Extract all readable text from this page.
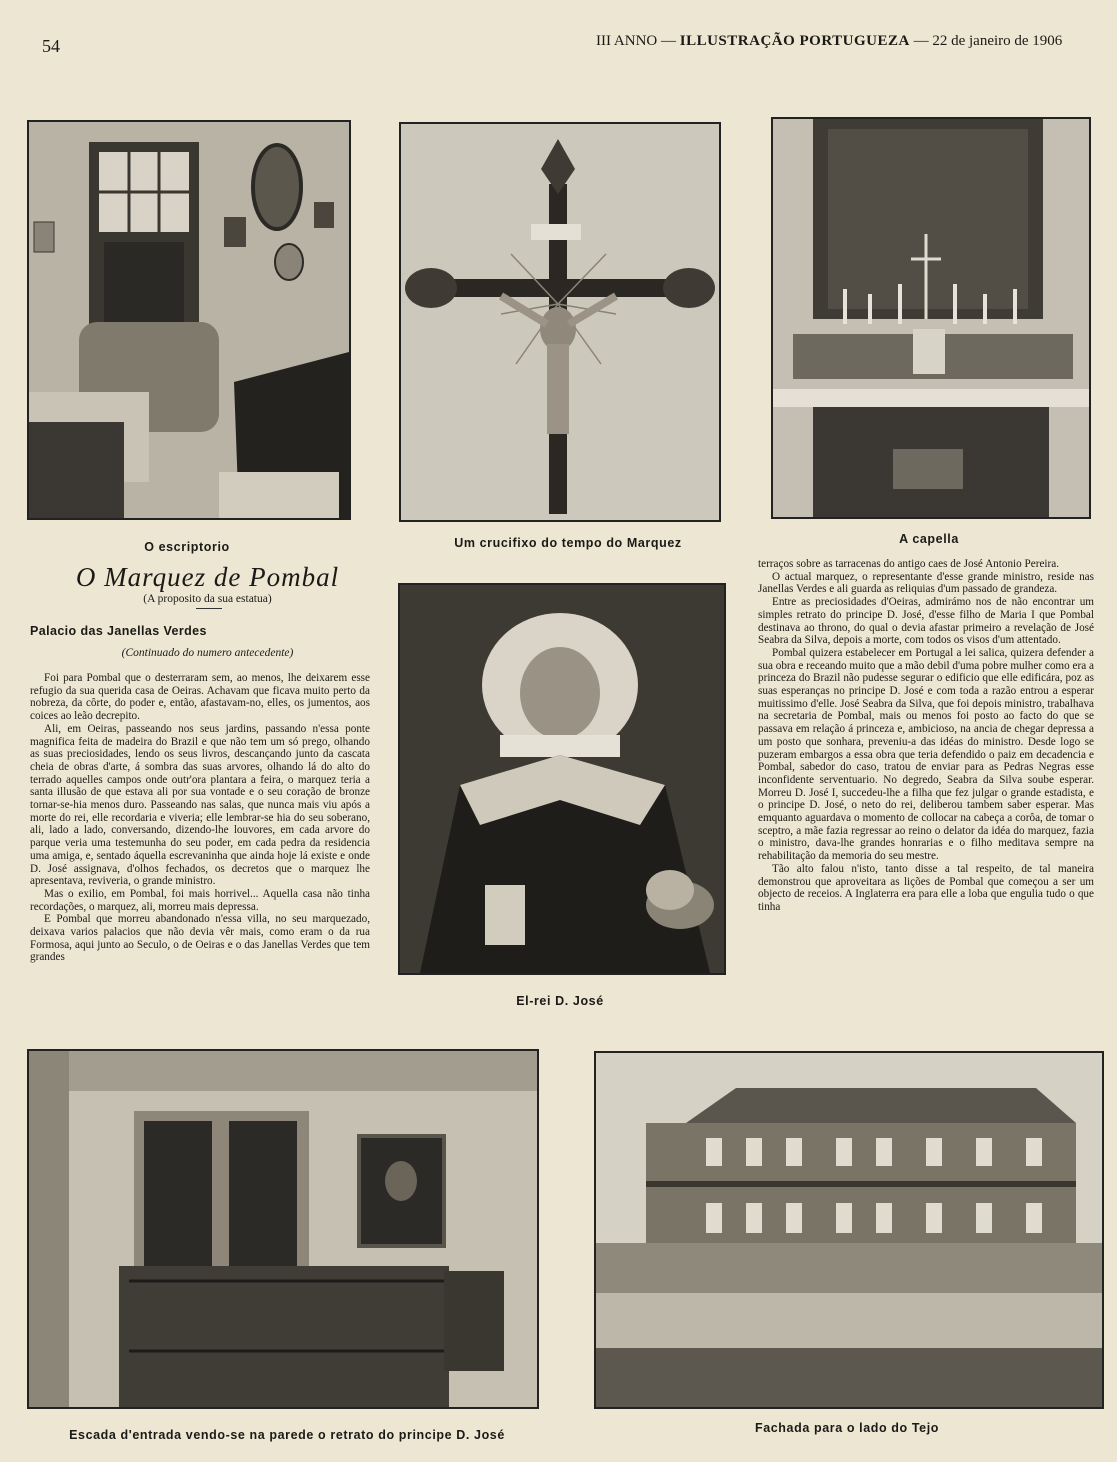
54	III ANNO — ILLUSTRAÇÃO PORTUGUEZA — 22 de janeiro de 1906
O escriptorio	Um crucifixo do tempo do Marquez	A capella
O Marquez de Pombal
(A proposito da sua estatua)
Palacio das Janellas Verdes
(Continuado do numero antecedente)

Foi para Pombal que o desterraram sem, ao menos, lhe deixarem esse refugio da sua querida casa de Oeiras. Achavam que ficava muito perto da nobreza, da côrte, do poder e, então, afastavam-no, elles, os jumentos, aos coices ao leão decrepito.

Ali, em Oeiras, passeando nos seus jardins, passando n'essa ponte magnifica feita de madeira do Brazil e que não tem um só prego, olhando as suas preciosidades, lendo os seus livros, descançando junto da cascata cheia de obras d'arte, á sombra das suas arvores, olhando lá do alto do terrado aquelles campos onde outr'ora plantara a feira, o marquez teria a santa illusão de que estava ali por sua vontade e o seu coração de bronze tornar-se-hia menos duro. Passeando nas salas, que nunca mais viu após a morte do rei, elle recordaria e viveria; elle lembrar-se hia do seu soberano, ali, lado a lado, conversando, dizendo-lhe louvores, em cada arvore do parque veria uma testemunha do seu poder, em cada pedra da residencia uma amiga, e, sentado áquella escrevaninha que ainda hoje lá existe e onde D. José assignava, d'olhos fechados, os decretos que o marquez lhe apresentava, reviveria, o grande ministro.

Mas o exilio, em Pombal, foi mais horrivel... Aquella casa não tinha recordações, o marquez, ali, morreu mais depressa.

E Pombal que morreu abandonado n'essa villa, no seu marquezado, deixava varios palacios que não devia vêr mais, como eram o da rua Formosa, aqui junto ao Seculo, o de Oeiras e o das Janellas Verdes que tem grandes

El-rei D. José

terraços sobre as tarracenas do antigo caes de José Antonio Pereira.

O actual marquez, o representante d'esse grande ministro, reside nas Janellas Verdes e ali guarda as reliquias d'um passado de grandeza.

Entre as preciosidades d'Oeiras, admirámo nos de não encontrar um simples retrato do principe D. José, d'esse filho de Maria I que Pombal destinava ao throno, do qual o devia afastar primeiro a revelação de José Seabra da Silva, depois a morte, com todos os visos d'um attentado.

Pombal quizera estabelecer em Portugal a lei salica, quizera defender a sua obra e receando muito que a mão debil d'uma pobre mulher como era a princeza do Brazil não pudesse segurar o edificio que elle edificára, poz as suas esperanças no principe D. José e com toda a razão entrou a esperar muitissimo d'elle. José Seabra da Silva, que foi depois ministro, trabalhava na secretaria de Pombal, mais ou menos foi posto ao facto do que se passava em relação á princeza e, ambicioso, na ancia de chegar depressa a um posto que sonhara, preveniu-a das idéas do ministro. Desde logo se puzeram embargos a essa obra que teria defendido o paiz em decadencia e Pombal, sabedor do caso, tratou de enviar para as Pedras Negras esse inconfidente serventuario. No degredo, Seabra da Silva soube esperar. Morreu D. José I, succedeu-lhe a filha que fez julgar o grande estadista, e o principe D. José, o neto do rei, deliberou tambem saber esperar. Mas emquanto aguardava o momento de collocar na cabeça a corôa, de tomar o sceptro, a mãe fazia regressar ao reino o delator da idéa do marquez, fazia o ministro, dava-lhe grandes honrarias e o filho meditava sempre na rehabilitação da memoria do seu mestre.

Tão alto falou n'isto, tanto disse a tal respeito, de tal maneira demonstrou que aproveitara as lições de Pombal que começou a ser um objecto de receios. A Inglaterra era para elle a loba que engulia tudo o que tinha

Escada d'entrada vendo-se na parede o retrato do principe D. José	Fachada para o lado do Tejo
